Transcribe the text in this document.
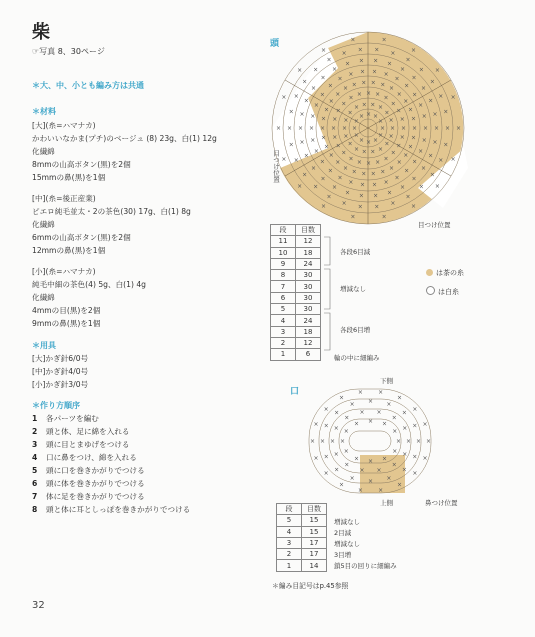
柴
☞写真 8、30ページ
＊大、中、小とも編み方は共通
＊材料
[大](糸=ハマナカ)
かわいいなかま(プチ)のベージュ (8) 23g、白(1) 12g
化繊綿
8mmの山高ボタン(黒)を2個
15mmの鼻(黒)を1個
[中](糸=後正産業)
ピエロ純毛並太・2の茶色(30) 17g、白(1) 8g
化繊綿
6mmの山高ボタン(黒)を2個
12mmの鼻(黒)を1個
[小](糸=ハマナカ)
純毛中細の茶色(4) 5g、白(1) 4g
化繊綿
4mmの目(黒)を2個
9mmの鼻(黒)を1個
＊用具
[大]かぎ針6/0号
[中]かぎ針4/0号
[小]かぎ針3/0号
＊作り方順序
1 各パーツを編む
2 頭と体、足に綿を入れる
3 頭に目とまゆげをつける
4 口に鼻をつけ、綿を入れる
5 頭に口を巻きかがりでつける
6 頭に体を巻きかがりでつける
7 体に足を巻きかがりでつける
8 頭と体に耳としっぽを巻きかがりでつける
32
頭
×
×
×
×
×
×
×
×
×
×
×
×
×
×	×
×
×
×
×
×
×
×
×
×
×
×
×
×
×
×
×
×
×
×
×
×
×
×
×
× × × ×
×
×
×
×
×
×
×
×
×
×
×
×
×
×
×
×
×
×
×
×
×
×
×
×
×
×
× × × ×
×
×
×
×
×
×
×
×
×
×
×
×
×
×
×
×
×
×
×
×
×
×
×
×
×
×
× × × ×
×
×
×
×
×
×
×
×
×
×
×
×
×
×
×
×
×
×
×
×
×
×
×
×
×
×
× × × ×
×
×
×
×
×
×
×
×
×
×
×
×
×
×
×
×
×
×
×
×
×
× × × × ×
×
×
×
×
×
×
×
×
×
×
×
×
×
×
×
× × × ×
×
×
×
×
×
×
×
×
×
×
× × ×
×
目つけ位置
目つけ位置
段	目数
11	12
10	18
9	24
8	30
7	30
6	30
5	30
4	24
3	18
2	12
1	6
各段6目減
増減なし
各段6目増
輪の中に細編み
は茶の糸
は白糸
口
下側
×
×
×
×
×
×
×
×
×
×
×
×
×
×	×
×
×
×
×
×
×
×
×
×
×
×
×
×
×
× × ×
×
×
×
×
×
×
×
×
×
×
×
×
× ×
×
×
×
×
×
×
×
×
×
×
× × ×
×
上側	鼻つけ位置
段	目数
5	15
4	15
3	17
2	17
1	14
増減なし
2目減
増減なし
3目増
鎖5目の回りに細編み
＊編み目記号はp.45参照
